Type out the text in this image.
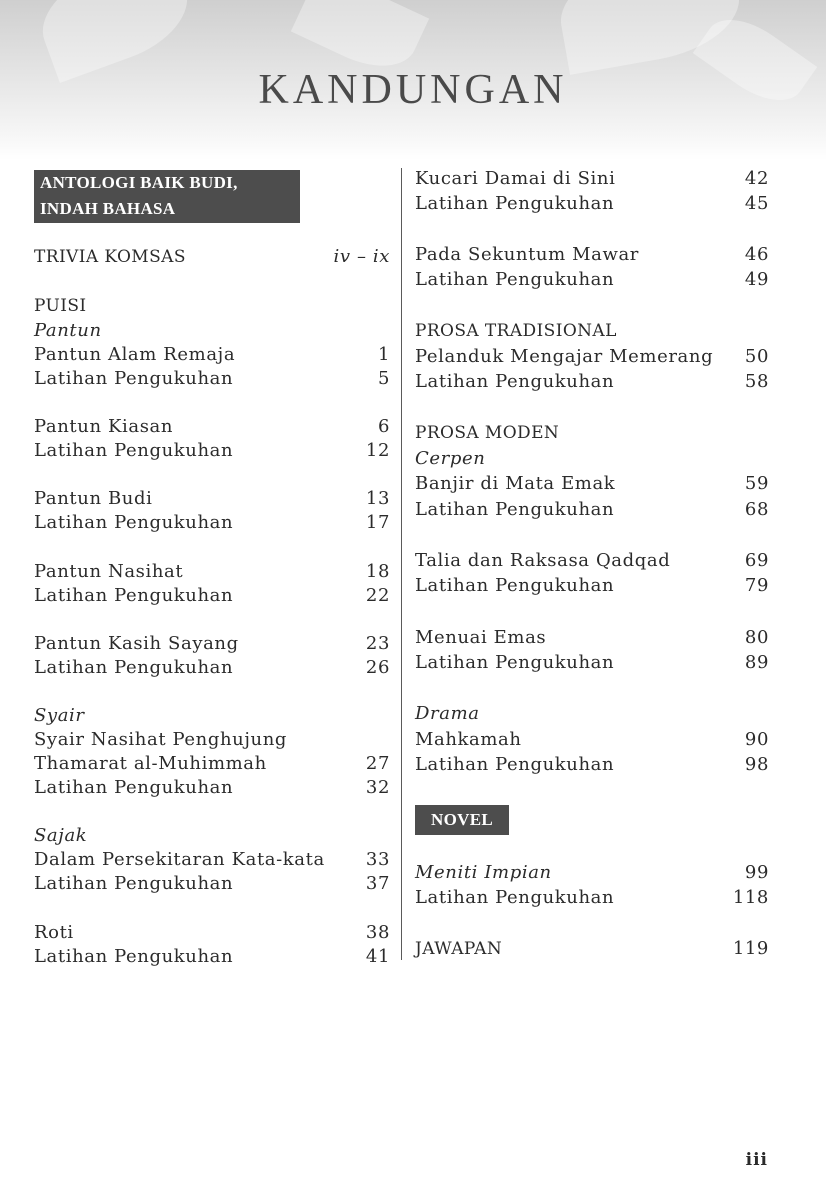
KANDUNGAN
ANTOLOGI BAIK BUDI,
INDAH BAHASA
TRIVIA KOMSAS	iv – ix
PUISI
Pantun
Pantun Alam Remaja	1
Latihan Pengukuhan	5
Pantun Kiasan	6
Latihan Pengukuhan	12
Pantun Budi	13
Latihan Pengukuhan	17
Pantun Nasihat	18
Latihan Pengukuhan	22
Pantun Kasih Sayang	23
Latihan Pengukuhan	26
Syair
Syair Nasihat Penghujung
Thamarat al-Muhimmah	27
Latihan Pengukuhan	32
Sajak
Dalam Persekitaran Kata-kata 33
Latihan Pengukuhan	37
Roti	38
Latihan Pengukuhan	41
Kucari Damai di Sini	42
Latihan Pengukuhan	45
Pada Sekuntum Mawar	46
Latihan Pengukuhan	49
PROSA TRADISIONAL
Pelanduk Mengajar Memerang 50
Latihan Pengukuhan	58
PROSA MODEN
Cerpen
Banjir di Mata Emak	59
Latihan Pengukuhan	68
Talia dan Raksasa Qadqad	69
Latihan Pengukuhan	79
Menuai Emas	80
Latihan Pengukuhan	89
Drama
Mahkamah	90
Latihan Pengukuhan	98
NOVEL
Meniti Impian	99
Latihan Pengukuhan	118
JAWAPAN	119
iii
